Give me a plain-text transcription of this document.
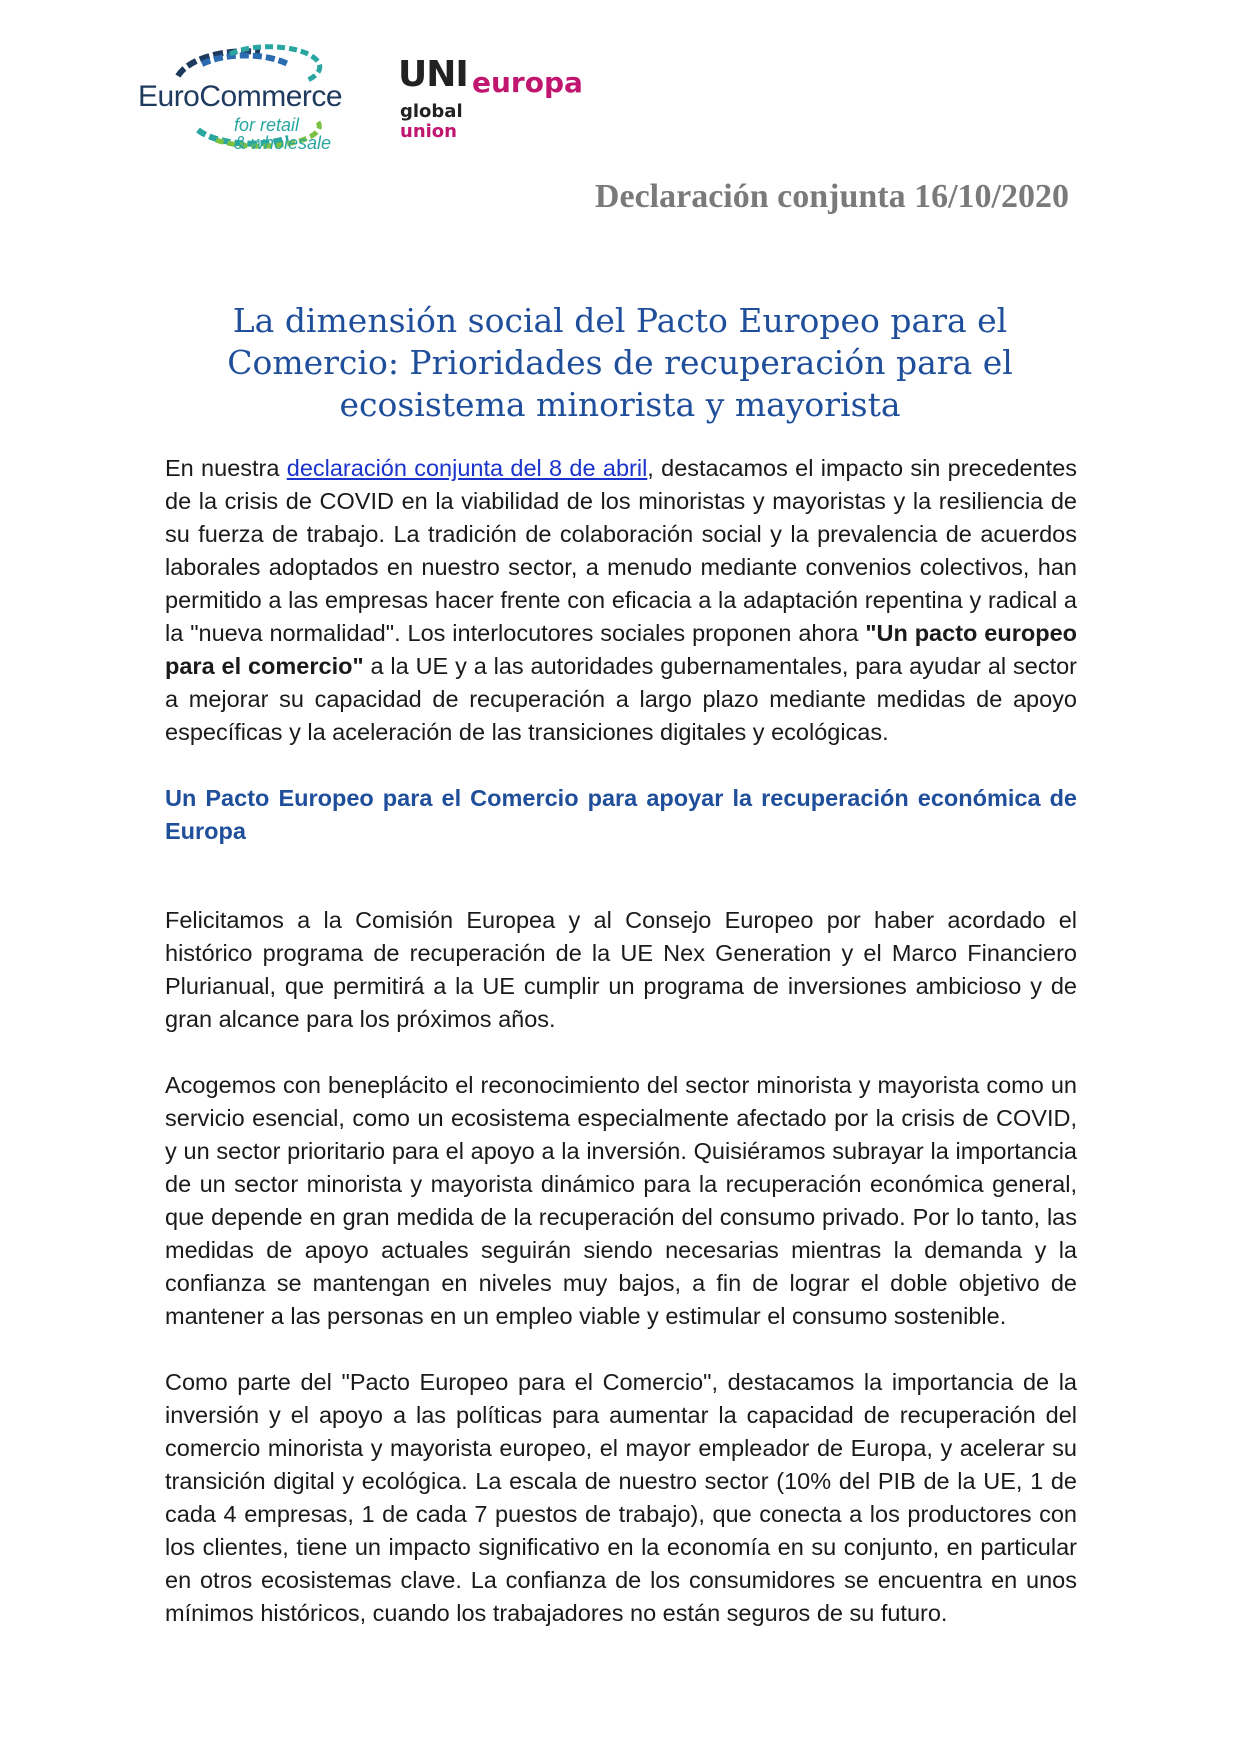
EuroCommerce
for retail
& wholesale
UNI europa
global
union
Declaración conjunta 16/10/2020
La dimensión social del Pacto Europeo para el
Comercio: Prioridades de recuperación para el
ecosistema minorista y mayorista

En nuestra declaración conjunta del 8 de abril, destacamos el impacto sin precedentes de la crisis de COVID en la viabilidad de los minoristas y mayoristas y la resiliencia de su fuerza de trabajo. La tradición de colaboración social y la prevalencia de acuerdos laborales adoptados en nuestro sector, a menudo mediante convenios colectivos, han permitido a las empresas hacer frente con eficacia a la adaptación repentina y radical a la "nueva normalidad". Los interlocutores sociales proponen ahora "Un pacto europeo para el comercio" a la UE y a las autoridades gubernamentales, para ayudar al sector a mejorar su capacidad de recuperación a largo plazo mediante medidas de apoyo específicas y la aceleración de las transiciones digitales y ecológicas.

Un Pacto Europeo para el Comercio para apoyar la recuperación económica de Europa

Felicitamos a la Comisión Europea y al Consejo Europeo por haber acordado el histórico programa de recuperación de la UE Nex Generation y el Marco Financiero Plurianual, que permitirá a la UE cumplir un programa de inversiones ambicioso y de gran alcance para los próximos años.

Acogemos con beneplácito el reconocimiento del sector minorista y mayorista como un servicio esencial, como un ecosistema especialmente afectado por la crisis de COVID, y un sector prioritario para el apoyo a la inversión. Quisiéramos subrayar la importancia de un sector minorista y mayorista dinámico para la recuperación económica general, que depende en gran medida de la recuperación del consumo privado. Por lo tanto, las medidas de apoyo actuales seguirán siendo necesarias mientras la demanda y la confianza se mantengan en niveles muy bajos, a fin de lograr el doble objetivo de mantener a las personas en un empleo viable y estimular el consumo sostenible.

Como parte del "Pacto Europeo para el Comercio", destacamos la importancia de la inversión y el apoyo a las políticas para aumentar la capacidad de recuperación del comercio minorista y mayorista europeo, el mayor empleador de Europa, y acelerar su transición digital y ecológica. La escala de nuestro sector (10% del PIB de la UE, 1 de cada 4 empresas, 1 de cada 7 puestos de trabajo), que conecta a los productores con los clientes, tiene un impacto significativo en la economía en su conjunto, en particular en otros ecosistemas clave. La confianza de los consumidores se encuentra en unos mínimos históricos, cuando los trabajadores no están seguros de su futuro.
